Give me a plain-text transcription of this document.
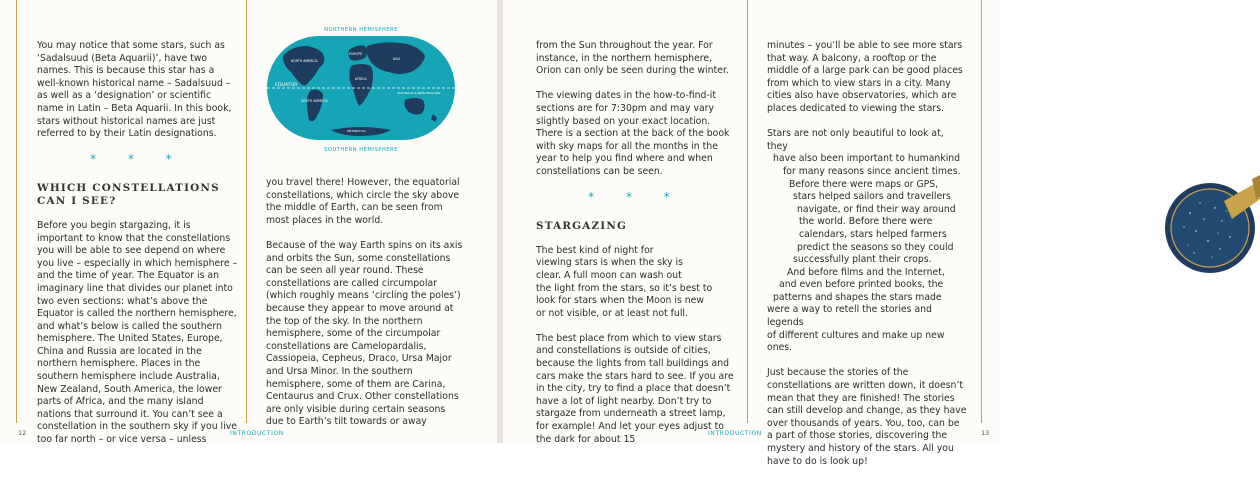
You may notice that some stars, such as ‘Sadalsuud (Beta Aquarii)’, have two names. This is because this star has a well-known historical name – Sadalsuud – as well as a ‘designation’ or scientific name in Latin – Beta Aquarii. In this book, stars without historical names are just referred to by their Latin designations.

* * *
WHICH CONSTELLATIONS
CAN I SEE?

Before you begin stargazing, it is important to know that the constellations you will be able to see depend on where you live – especially in which hemisphere – and the time of year. The Equator is an imaginary line that divides our planet into two even sections: what’s above the Equator is called the northern hemisphere, and what’s below is called the southern hemisphere. The United States, Europe, China and Russia are located in the northern hemisphere. Places in the southern hemisphere include Australia, New Zealand, South America, the lower parts of Africa, and the many island nations that surround it. You can’t see a constellation in the southern sky if you live too far north – or vice versa – unless

NORTHERN HEMISPHERE
EQUATOR
NORTH AMERICA
EUROPE
ASIA
AFRICA
SOUTH AMERICA
AUSTRALIA & NEW ZEALAND
ANTARCTICA
SOUTHERN HEMISPHERE

you travel there! However, the equatorial constellations, which circle the sky above the middle of Earth, can be seen from most places in the world.

Because of the way Earth spins on its axis and orbits the Sun, some constellations can be seen all year round. These constellations are called circumpolar (which roughly means ‘circling the poles’) because they appear to move around at the top of the sky. In the northern hemisphere, some of the circumpolar constellations are Camelopardalis, Cassiopeia, Cepheus, Draco, Ursa Major and Ursa Minor. In the southern hemisphere, some of them are Carina, Centaurus and Crux. Other constellations are only visible during certain seasons due to Earth’s tilt towards or away

12	INTRODUCTION

from the Sun throughout the year. For instance, in the northern hemisphere, Orion can only be seen during the winter.

The viewing dates in the how-to-find-it sections are for 7:30pm and may vary slightly based on your exact location. There is a section at the back of the book with sky maps for all the months in the year to help you find where and when constellations can be seen.

* * *
STARGAZING

The best kind of night for
viewing stars is when the sky is
clear. A full moon can wash out
the light from the stars, so it’s best to
look for stars when the Moon is new
or not visible, or at least not full.

The best place from which to view stars and constellations is outside of cities, because the lights from tall buildings and cars make the stars hard to see. If you are in the city, try to find a place that doesn’t have a lot of light nearby. Don’t try to stargaze from underneath a street lamp, for example! And let your eyes adjust to the dark for about 15

minutes – you’ll be able to see more stars that way. A balcony, a rooftop or the middle of a large park can be good places from which to view stars in a city. Many cities also have observatories, which are places dedicated to viewing the stars.

Stars are not only beautiful to look at, they
have also been important to humankind
for many reasons since ancient times.
Before there were maps or GPS,
stars helped sailors and travellers
navigate, or find their way around
the world. Before there were
calendars, stars helped farmers
predict the seasons so they could
successfully plant their crops.
And before films and the Internet,
and even before printed books, the
patterns and shapes the stars made
were a way to retell the stories and legends
of different cultures and make up new ones.

Just because the stories of the constellations are written down, it doesn’t mean that they are finished! The stories can still develop and change, as they have over thousands of years. You, too, can be a part of those stories, discovering the mystery and history of the stars. All you have to do is look up!

INTRODUCTION	13
